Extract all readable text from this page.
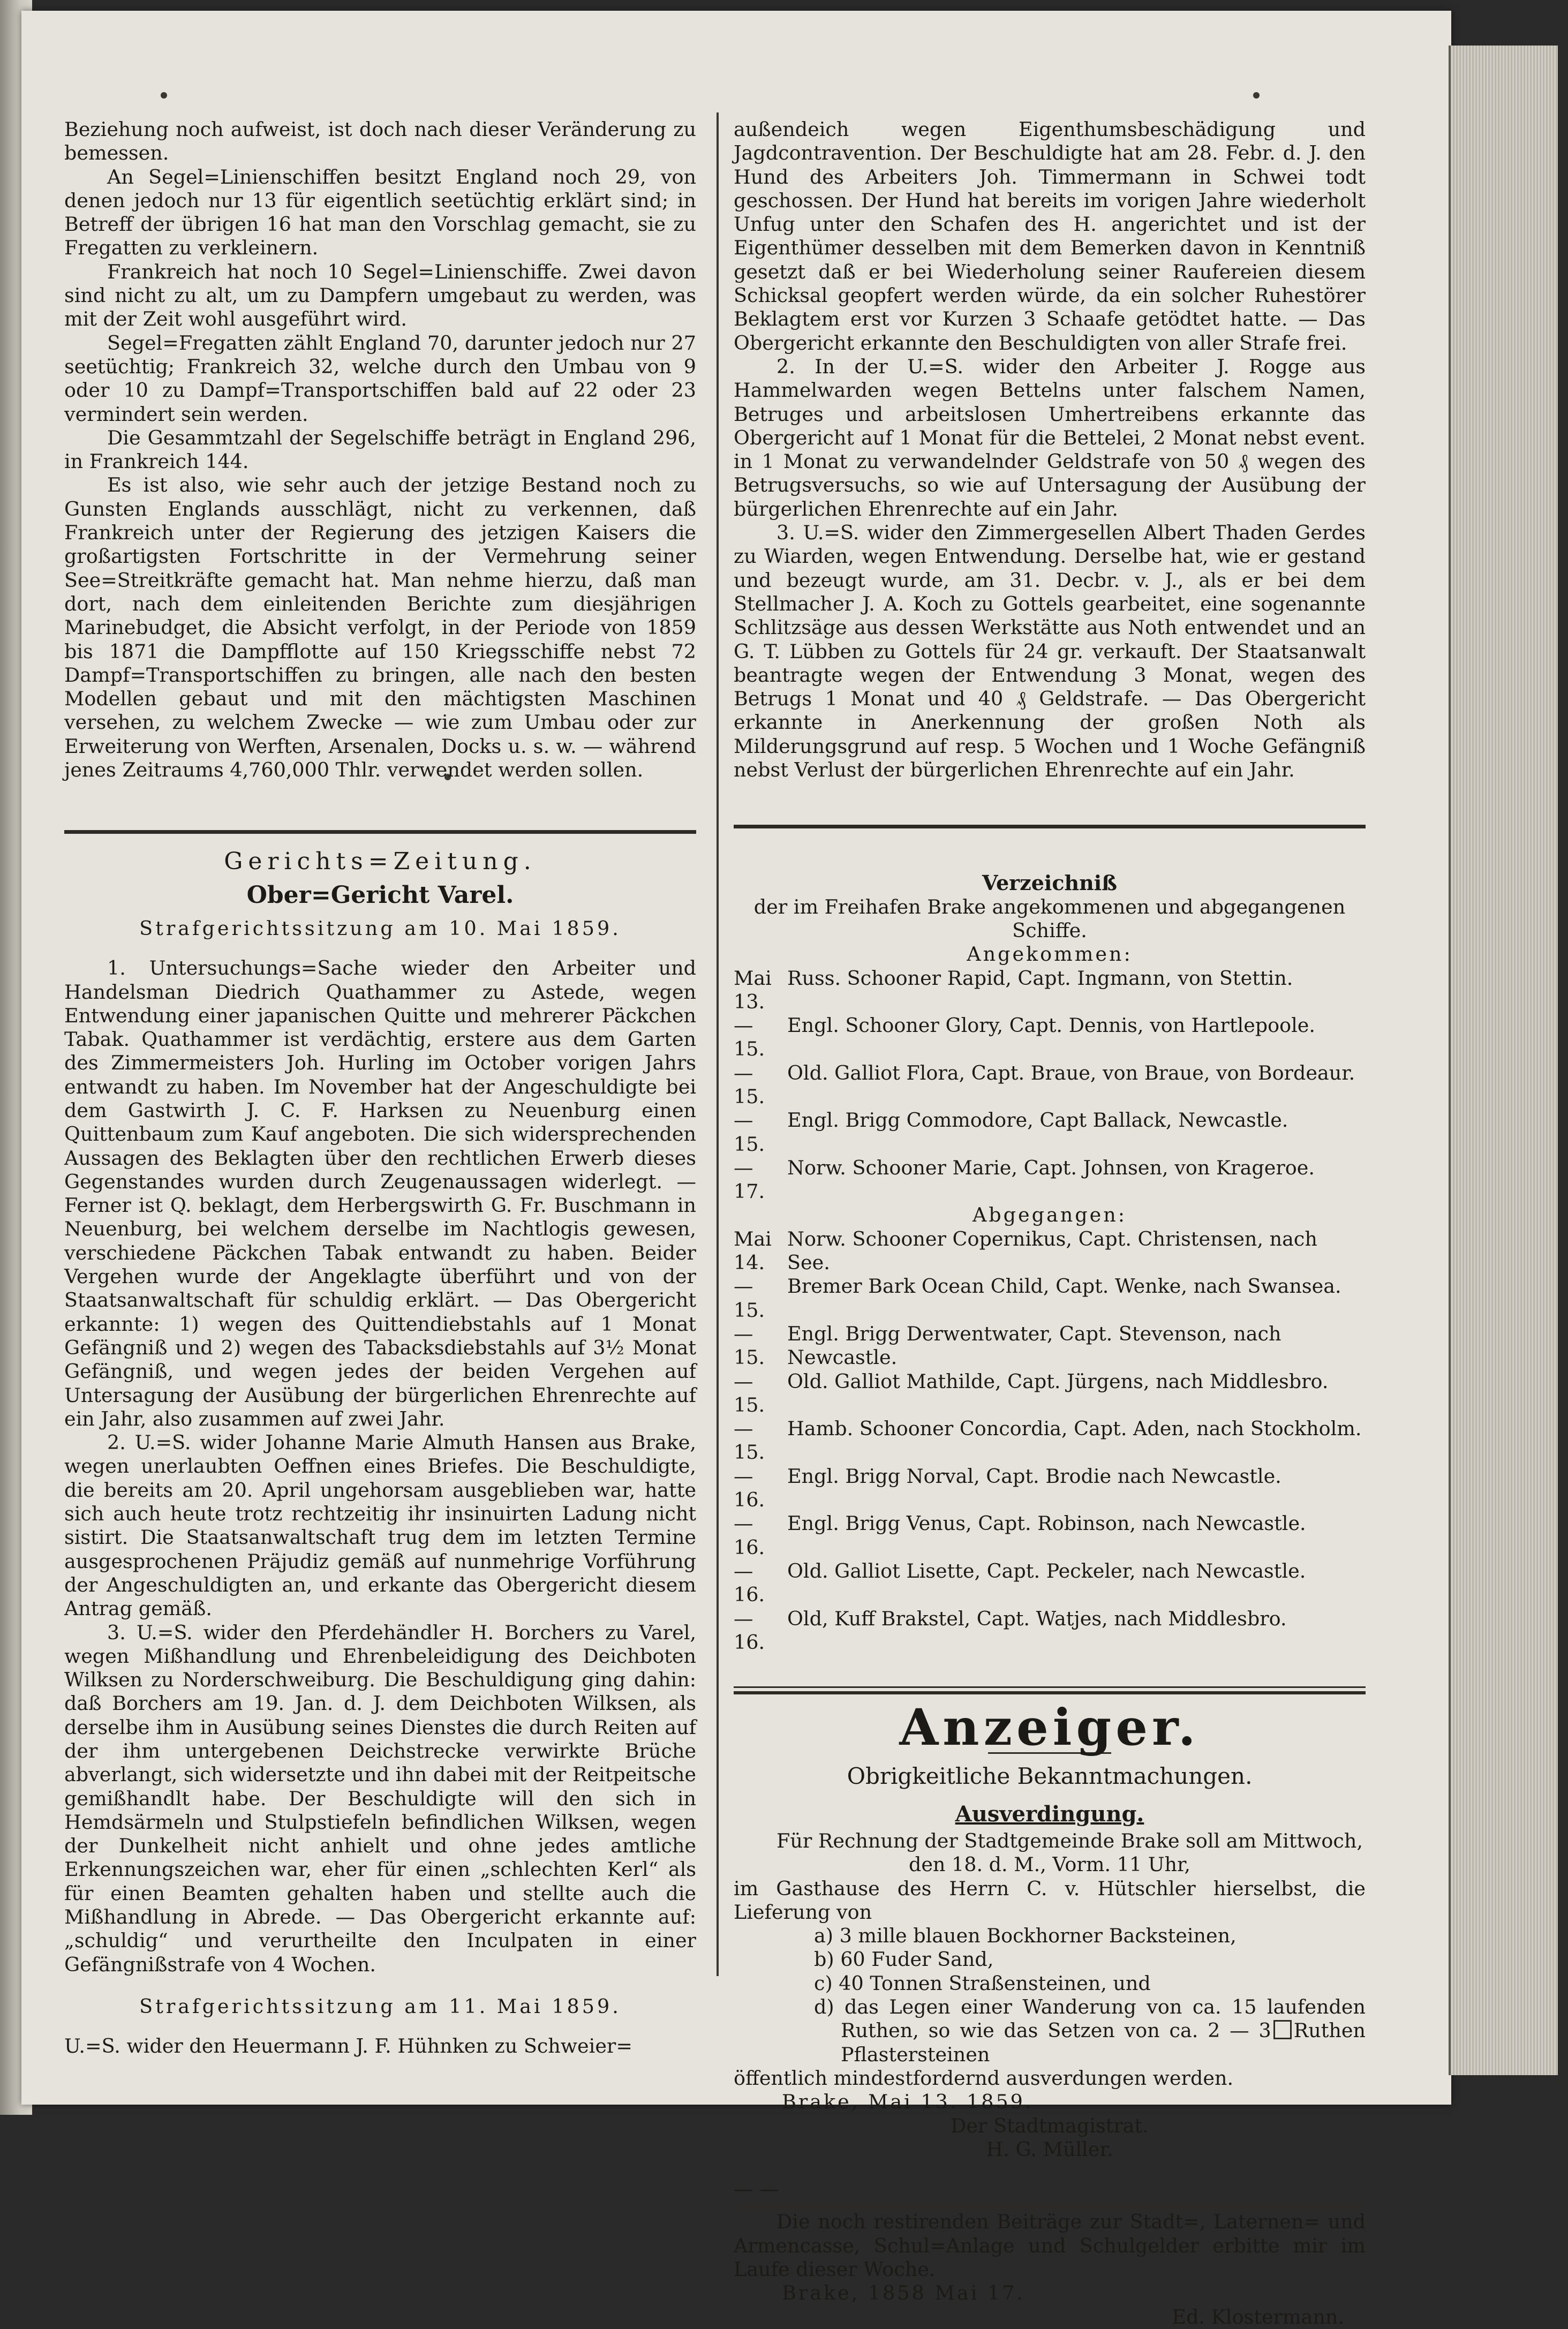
Beziehung noch aufweist, ist doch nach dieser Veränderung zu bemessen.

An Segel=Linienschiffen besitzt England noch 29, von denen jedoch nur 13 für eigentlich seetüchtig erklärt sind; in Betreff der übrigen 16 hat man den Vorschlag gemacht, sie zu Fregatten zu verkleinern.

Frankreich hat noch 10 Segel=Linienschiffe. Zwei davon sind nicht zu alt, um zu Dampfern umgebaut zu werden, was mit der Zeit wohl ausgeführt wird.

Segel=Fregatten zählt England 70, darunter jedoch nur 27 seetüchtig; Frankreich 32, welche durch den Umbau von 9 oder 10 zu Dampf=Transportschiffen bald auf 22 oder 23 vermindert sein werden.

Die Gesammtzahl der Segelschiffe beträgt in England 296, in Frankreich 144.

Es ist also, wie sehr auch der jetzige Bestand noch zu Gunsten Englands ausschlägt, nicht zu verkennen, daß Frankreich unter der Regierung des jetzigen Kaisers die großartigsten Fortschritte in der Vermehrung seiner See=Streitkräfte gemacht hat. Man nehme hierzu, daß man dort, nach dem einleitenden Berichte zum diesjährigen Marinebudget, die Absicht verfolgt, in der Periode von 1859 bis 1871 die Dampfflotte auf 150 Kriegsschiffe nebst 72 Dampf=Transportschiffen zu bringen, alle nach den besten Modellen gebaut und mit den mächtigsten Maschinen versehen, zu welchem Zwecke — wie zum Umbau oder zur Erweiterung von Werften, Arsenalen, Docks u. s. w. — während jenes Zeitraums 4,760,000 Thlr. verwendet werden sollen.

Gerichts=Zeitung.
Ober=Gericht Varel.
Strafgerichtssitzung am 10. Mai 1859.

1. Untersuchungs=Sache wieder den Arbeiter und Handelsman Diedrich Quathammer zu Astede, wegen Entwendung einer japanischen Quitte und mehrerer Päckchen Tabak. Quathammer ist verdächtig, erstere aus dem Garten des Zimmermeisters Joh. Hurling im October vorigen Jahrs entwandt zu haben. Im November hat der Angeschuldigte bei dem Gastwirth J. C. F. Harksen zu Neuenburg einen Quittenbaum zum Kauf angeboten. Die sich widersprechenden Aussagen des Beklagten über den rechtlichen Erwerb dieses Gegenstandes wurden durch Zeugenaussagen widerlegt. — Ferner ist Q. beklagt, dem Herbergswirth G. Fr. Buschmann in Neuenburg, bei welchem derselbe im Nachtlogis gewesen, verschiedene Päckchen Tabak entwandt zu haben. Beider Vergehen wurde der Angeklagte überführt und von der Staatsanwaltschaft für schuldig erklärt. — Das Obergericht erkannte: 1) wegen des Quittendiebstahls auf 1 Monat Gefängniß und 2) wegen des Tabacksdiebstahls auf 3½ Monat Gefängniß, und wegen jedes der beiden Vergehen auf Untersagung der Ausübung der bürgerlichen Ehrenrechte auf ein Jahr, also zusammen auf zwei Jahr.

2. U.=S. wider Johanne Marie Almuth Hansen aus Brake, wegen unerlaubten Oeffnen eines Briefes. Die Beschuldigte, die bereits am 20. April ungehorsam ausgeblieben war, hatte sich auch heute trotz rechtzeitig ihr insinuirten Ladung nicht sistirt. Die Staatsanwaltschaft trug dem im letzten Termine ausgesprochenen Präjudiz gemäß auf nunmehrige Vorführung der Angeschuldigten an, und erkante das Obergericht diesem Antrag gemäß.

3. U.=S. wider den Pferdehändler H. Borchers zu Varel, wegen Mißhandlung und Ehrenbeleidigung des Deichboten Wilksen zu Norderschweiburg. Die Beschuldigung ging dahin: daß Borchers am 19. Jan. d. J. dem Deichboten Wilksen, als derselbe ihm in Ausübung seines Dienstes die durch Reiten auf der ihm untergebenen Deichstrecke verwirkte Brüche abverlangt, sich widersetzte und ihn dabei mit der Reitpeitsche gemißhandlt habe. Der Beschuldigte will den sich in Hemdsärmeln und Stulpstiefeln befindlichen Wilksen, wegen der Dunkelheit nicht anhielt und ohne jedes amtliche Erkennungszeichen war, eher für einen „schlechten Kerl“ als für einen Beamten gehalten haben und stellte auch die Mißhandlung in Abrede. — Das Obergericht erkannte auf: „schuldig“ und verurtheilte den Inculpaten in einer Gefängnißstrafe von 4 Wochen.

Strafgerichtssitzung am 11. Mai 1859.

U.=S. wider den Heuermann J. F. Hühnken zu Schweier=

außendeich wegen Eigenthumsbeschädigung und Jagdcontravention. Der Beschuldigte hat am 28. Febr. d. J. den Hund des Arbeiters Joh. Timmermann in Schwei todt geschossen. Der Hund hat bereits im vorigen Jahre wiederholt Unfug unter den Schafen des H. angerichtet und ist der Eigenthümer desselben mit dem Bemerken davon in Kenntniß gesetzt daß er bei Wiederholung seiner Raufereien diesem Schicksal geopfert werden würde, da ein solcher Ruhestörer Beklagtem erst vor Kurzen 3 Schaafe getödtet hatte. — Das Obergericht erkannte den Beschuldigten von aller Strafe frei.

2. In der U.=S. wider den Arbeiter J. Rogge aus Hammelwarden wegen Bettelns unter falschem Namen, Betruges und arbeitslosen Umhertreibens erkannte das Obergericht auf 1 Monat für die Bettelei, 2 Monat nebst event. in 1 Monat zu verwandelnder Geldstrafe von 50 ₰ wegen des Betrugsversuchs, so wie auf Untersagung der Ausübung der bürgerlichen Ehrenrechte auf ein Jahr.

3. U.=S. wider den Zimmergesellen Albert Thaden Gerdes zu Wiarden, wegen Entwendung. Derselbe hat, wie er gestand und bezeugt wurde, am 31. Decbr. v. J., als er bei dem Stellmacher J. A. Koch zu Gottels gearbeitet, eine sogenannte Schlitzsäge aus dessen Werkstätte aus Noth entwendet und an G. T. Lübben zu Gottels für 24 gr. verkauft. Der Staatsanwalt beantragte wegen der Entwendung 3 Monat, wegen des Betrugs 1 Monat und 40 ₰ Geldstrafe. — Das Obergericht erkannte in Anerkennung der großen Noth als Milderungsgrund auf resp. 5 Wochen und 1 Woche Gefängniß nebst Verlust der bürgerlichen Ehrenrechte auf ein Jahr.

Verzeichniß
der im Freihafen Brake angekommenen und abgegangenen Schiffe.
Angekommen:
Mai 13.
Russ. Schooner Rapid, Capt. Ingmann, von Stettin.
— 15.
Engl. Schooner Glory, Capt. Dennis, von Hartlepoole.
— 15.
Old. Galliot Flora, Capt. Braue, von Braue, von Bordeaur.
— 15.
Engl. Brigg Commodore, Capt Ballack, Newcastle.
— 17.
Norw. Schooner Marie, Capt. Johnsen, von Krageroe.
Abgegangen:
Mai 14.
Norw. Schooner Copernikus, Capt. Christensen, nach See.
— 15.
Bremer Bark Ocean Child, Capt. Wenke, nach Swansea.
— 15.
Engl. Brigg Derwentwater, Capt. Stevenson, nach Newcastle.
— 15.
Old. Galliot Mathilde, Capt. Jürgens, nach Middlesbro.
— 15.
Hamb. Schooner Concordia, Capt. Aden, nach Stockholm.
— 16.
Engl. Brigg Norval, Capt. Brodie nach Newcastle.
— 16.
Engl. Brigg Venus, Capt. Robinson, nach Newcastle.
— 16.
Old. Galliot Lisette, Capt. Peckeler, nach Newcastle.
— 16.
Old, Kuff Brakstel, Capt. Watjes, nach Middlesbro.
Anzeiger.
Obrigkeitliche Bekanntmachungen.
Ausverdingung.

Für Rechnung der Stadtgemeinde Brake soll am Mittwoch,

den 18. d. M., Vorm. 11 Uhr,

im Gasthause des Herrn C. v. Hütschler hierselbst, die Lieferung von

a) 3 mille blauen Bockhorner Backsteinen,

b) 60 Fuder Sand,

c) 40 Tonnen Straßensteinen, und

d) das Legen einer Wanderung von ca. 15 laufenden Ruthen, so wie das Setzen von ca. 2 — 3 Ruthen Pflastersteinen

öffentlich mindestfordernd ausverdungen werden.

Brake, Mai 13. 1859.

Der Stadtmagistrat.

H. G. Müller.

— —

Die noch restirenden Beiträge zur Stadt=, Laternen= und Armencasse, Schul=Anlage und Schulgelder erbitte mir im Laufe dieser Woche.

Brake, 1858 Mai 17.

Ed. Klostermann.
